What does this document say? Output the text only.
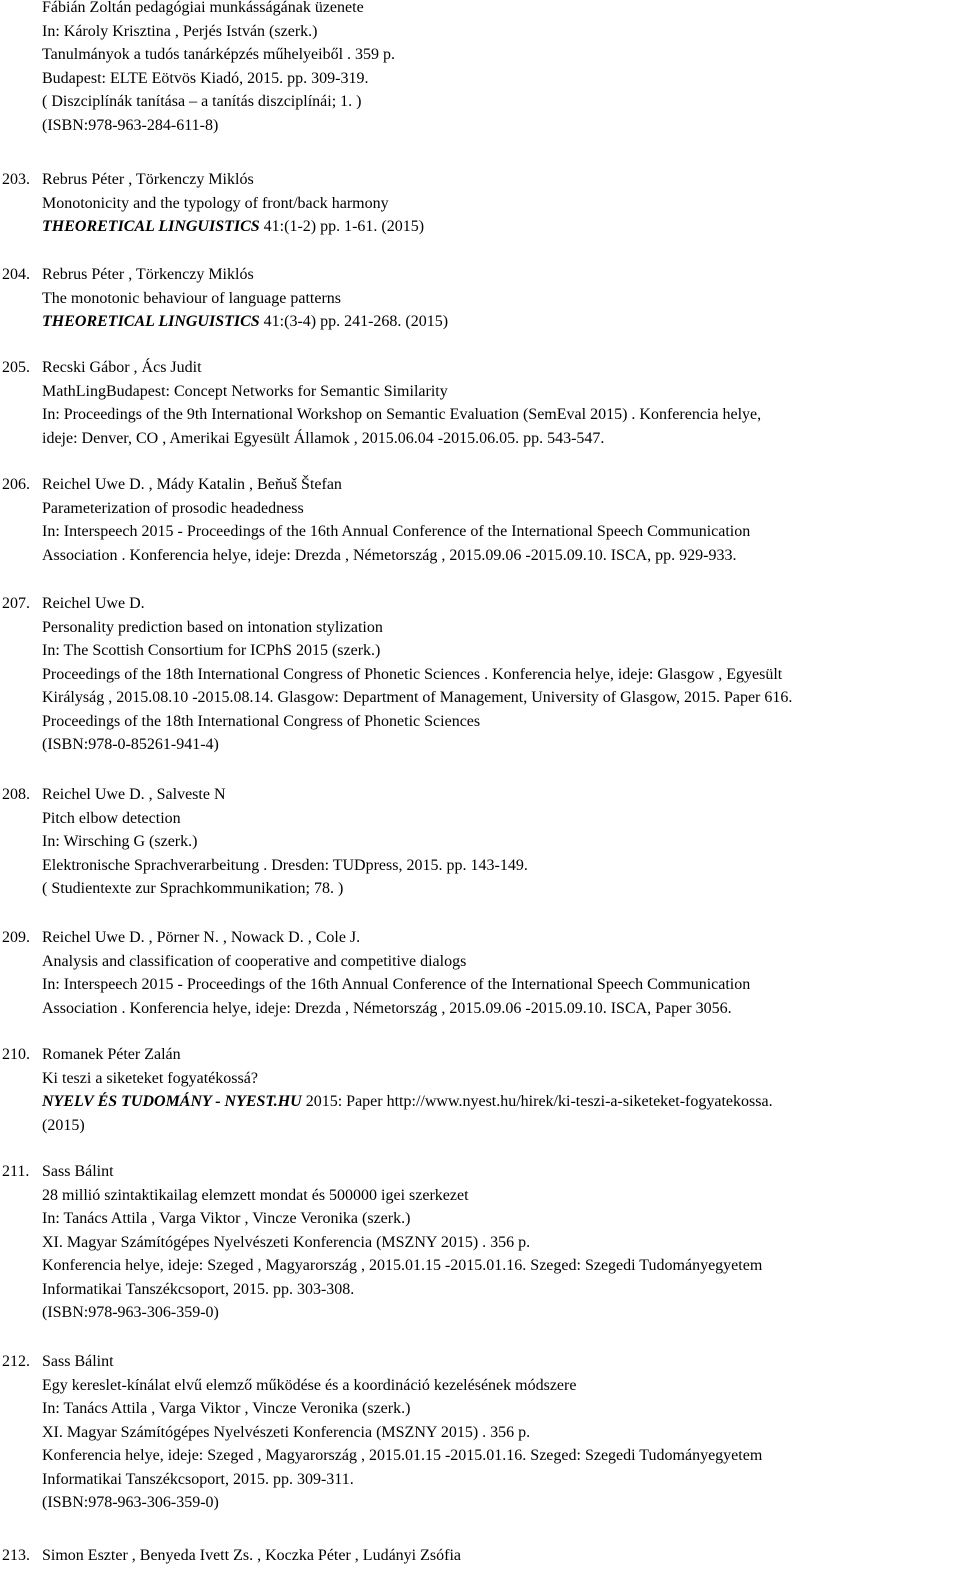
Fábián Zoltán pedagógiai munkásságának üzenete
In: Károly Krisztina , Perjés István (szerk.)
Tanulmányok a tudós tanárképzés műhelyeiből . 359 p.
Budapest: ELTE Eötvös Kiadó, 2015. pp. 309-319.
( Diszciplínák tanítása – a tanítás diszciplínái; 1. )
(ISBN:978-963-284-611-8)
203. Rebrus Péter , Törkenczy Miklós
Monotonicity and the typology of front/back harmony
THEORETICAL LINGUISTICS 41:(1-2) pp. 1-61. (2015)
204. Rebrus Péter , Törkenczy Miklós
The monotonic behaviour of language patterns
THEORETICAL LINGUISTICS 41:(3-4) pp. 241-268. (2015)
205. Recski Gábor , Ács Judit
MathLingBudapest: Concept Networks for Semantic Similarity
In: Proceedings of the 9th International Workshop on Semantic Evaluation (SemEval 2015) . Konferencia helye,
ideje: Denver, CO , Amerikai Egyesült Államok , 2015.06.04 -2015.06.05. pp. 543-547.
206. Reichel Uwe D. , Mády Katalin , Beňuš Štefan
Parameterization of prosodic headedness
In: Interspeech 2015 - Proceedings of the 16th Annual Conference of the International Speech Communication
Association . Konferencia helye, ideje: Drezda , Németország , 2015.09.06 -2015.09.10. ISCA, pp. 929-933.
207. Reichel Uwe D.
Personality prediction based on intonation stylization
In: The Scottish Consortium for ICPhS 2015 (szerk.)
Proceedings of the 18th International Congress of Phonetic Sciences . Konferencia helye, ideje: Glasgow , Egyesült
Királyság , 2015.08.10 -2015.08.14. Glasgow: Department of Management, University of Glasgow, 2015. Paper 616.
Proceedings of the 18th International Congress of Phonetic Sciences
(ISBN:978-0-85261-941-4)
208. Reichel Uwe D. , Salveste N
Pitch elbow detection
In: Wirsching G (szerk.)
Elektronische Sprachverarbeitung . Dresden: TUDpress, 2015. pp. 143-149.
( Studientexte zur Sprachkommunikation; 78. )
209. Reichel Uwe D. , Pörner N. , Nowack D. , Cole J.
Analysis and classification of cooperative and competitive dialogs
In: Interspeech 2015 - Proceedings of the 16th Annual Conference of the International Speech Communication
Association . Konferencia helye, ideje: Drezda , Németország , 2015.09.06 -2015.09.10. ISCA, Paper 3056.
210. Romanek Péter Zalán
Ki teszi a siketeket fogyatékossá?
NYELV ÉS TUDOMÁNY - NYEST.HU 2015: Paper http://www.nyest.hu/hirek/ki-teszi-a-siketeket-fogyatekossa.
(2015)
211. Sass Bálint
28 millió szintaktikailag elemzett mondat és 500000 igei szerkezet
In: Tanács Attila , Varga Viktor , Vincze Veronika (szerk.)
XI. Magyar Számítógépes Nyelvészeti Konferencia (MSZNY 2015) . 356 p.
Konferencia helye, ideje: Szeged , Magyarország , 2015.01.15 -2015.01.16. Szeged: Szegedi Tudományegyetem
Informatikai Tanszékcsoport, 2015. pp. 303-308.
(ISBN:978-963-306-359-0)
212. Sass Bálint
Egy kereslet-kínálat elvű elemző működése és a koordináció kezelésének módszere
In: Tanács Attila , Varga Viktor , Vincze Veronika (szerk.)
XI. Magyar Számítógépes Nyelvészeti Konferencia (MSZNY 2015) . 356 p.
Konferencia helye, ideje: Szeged , Magyarország , 2015.01.15 -2015.01.16. Szeged: Szegedi Tudományegyetem
Informatikai Tanszékcsoport, 2015. pp. 309-311.
(ISBN:978-963-306-359-0)
213. Simon Eszter , Benyeda Ivett Zs. , Koczka Péter , Ludányi Zsófia
